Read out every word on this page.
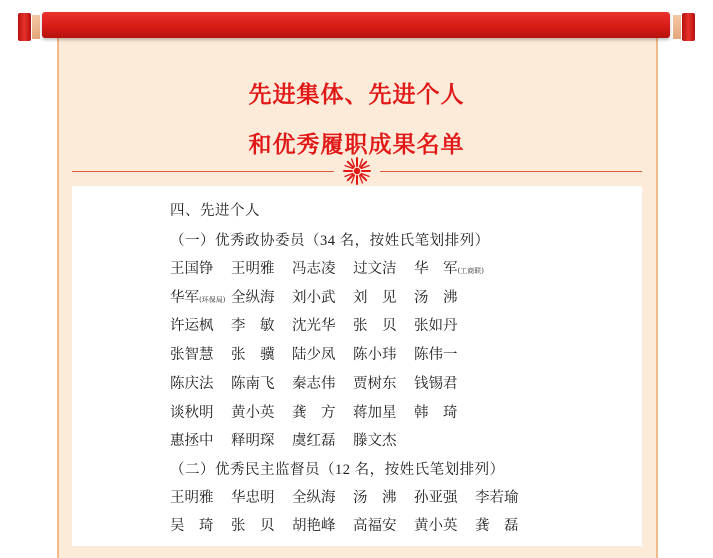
先进集体、先进个人
和优秀履职成果名单
四、先进个人
（一）优秀政协委员（34 名，按姓氏笔划排列）
王国铮 王明雅 冯志凌 过文洁 华　军(工商联)
华军(环保局) 全纵海 刘小武 刘　见 汤　沸
许运枫 李　敏 沈光华 张　贝 张如丹
张智慧 张　骥 陆少凤 陈小玮 陈伟一
陈庆法 陈南飞 秦志伟 贾树东 钱锡君
谈秋明 黄小英 龚　方 蒋加星 韩　琦
惠拯中 释明琛 虞红磊 滕文杰
（二）优秀民主监督员（12 名，按姓氏笔划排列）
王明雅 华忠明 全纵海 汤　沸 孙亚强 李若瑜
吴　琦 张　贝 胡艳峰 高福安 黄小英 龚　磊
